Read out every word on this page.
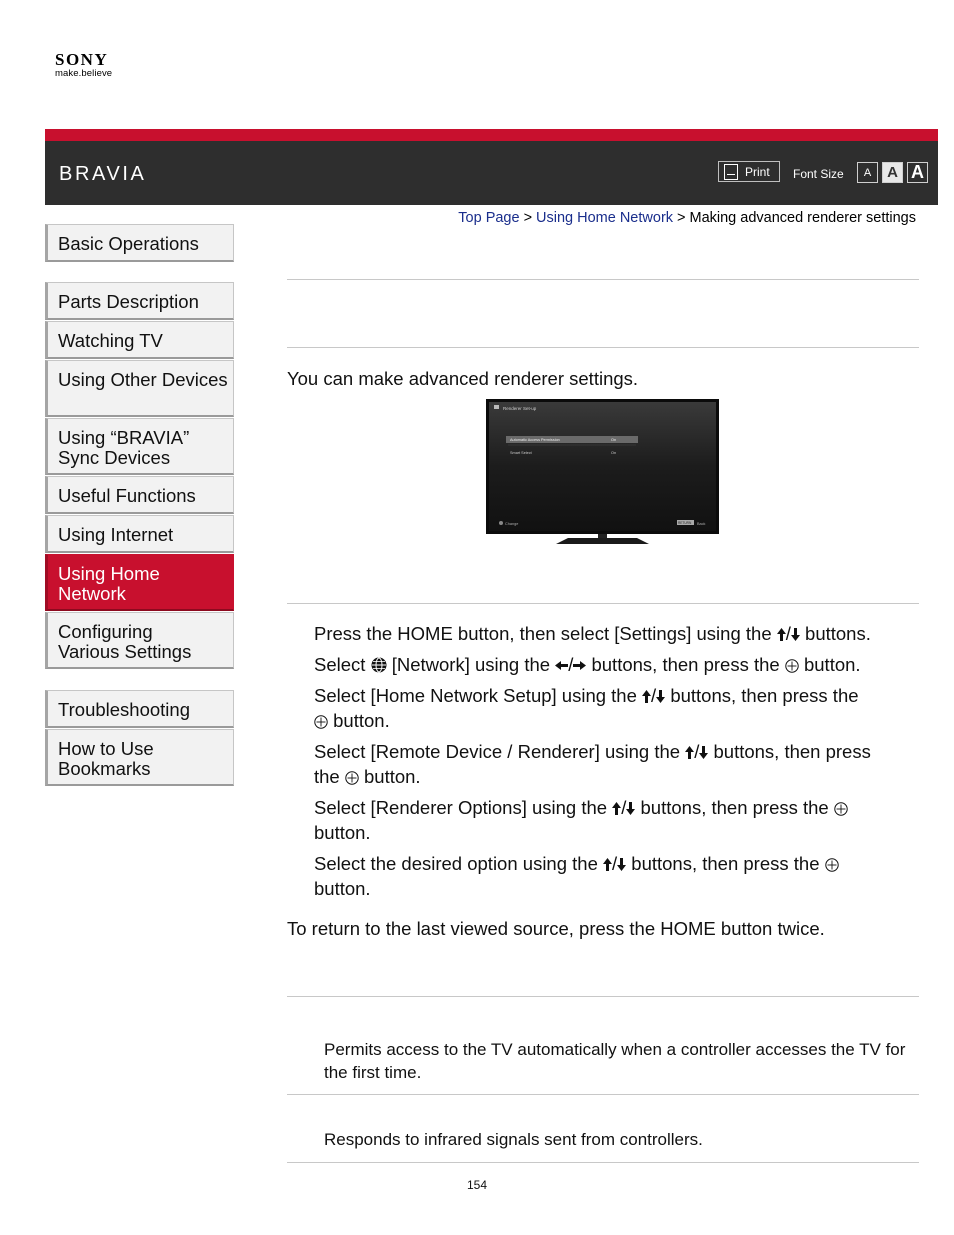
SONY
make.believe
BRAVIA	Print Font Size	A	A A
Top Page > Using Home Network > Making advanced renderer settings
Basic Operations
Parts Description
Watching TV
Using Other Devices
Using “BRAVIA” Sync Devices
Useful Functions
Using Internet
Using Home Network
Configuring Various Settings
Troubleshooting
How to Use Bookmarks
You can make advanced renderer settings.
Renderer Set-up
Automatic Access Permission	On
Smart Select	On
Change	RETURN Back
Press the HOME button, then select [Settings] using the / buttons.
Select [Network] using the / buttons, then press the button.
Select [Home Network Setup] using the / buttons, then press the
button.
Select [Remote Device / Renderer] using the / buttons, then press
the button.
Select [Renderer Options] using the / buttons, then press the
button.
Select the desired option using the / buttons, then press the
button.
To return to the last viewed source, press the HOME button twice.
Permits access to the TV automatically when a controller accesses the TV for the first time.
Responds to infrared signals sent from controllers.
154
